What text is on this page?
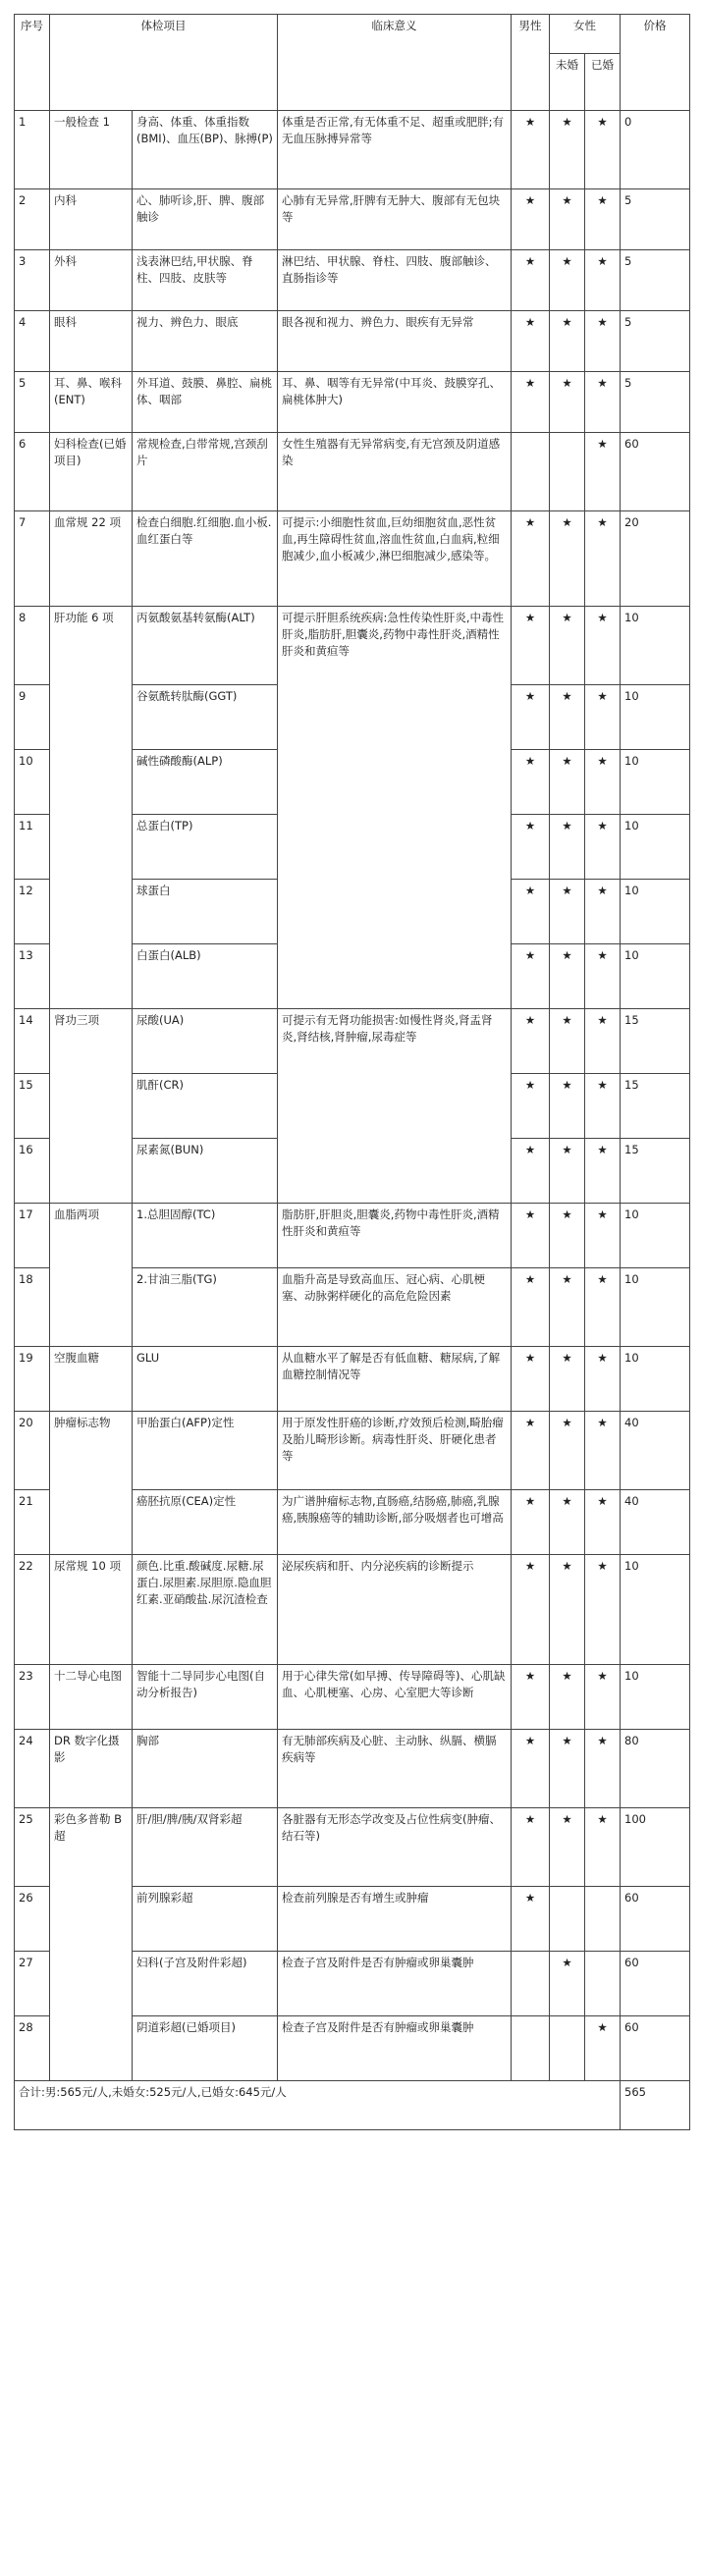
序号	体检项目		临床意义	男性	女性		价格
					未婚	已婚	
1	一般检查 1	身高、体重、体重指数(BMI)、血压(BP)、脉搏(P)	体重是否正常,有无体重不足、超重或肥胖;有无血压脉搏异常等	★	★	★	0
2	内科	心、肺听诊,肝、脾、腹部触诊	心肺有无异常,肝脾有无肿大、腹部有无包块等	★	★	★	5
3	外科	浅表淋巴结,甲状腺、脊柱、四肢、皮肤等	淋巴结、甲状腺、脊柱、四肢、腹部触诊、直肠指诊等	★	★	★	5
4	眼科	视力、辨色力、眼底	眼各视和视力、辨色力、眼疾有无异常	★	★	★	5
5	耳、鼻、喉科(ENT)	外耳道、鼓膜、鼻腔、扁桃体、咽部	耳、鼻、咽等有无异常(中耳炎、鼓膜穿孔、扁桃体肿大)	★	★	★	5
6	妇科检查(已婚项目)	常规检查,白带常规,宫颈刮片	女性生殖器有无异常病变,有无宫颈及阴道感染			★	60
7	血常规 22 项	检查白细胞.红细胞.血小板.血红蛋白等	可提示:小细胞性贫血,巨幼细胞贫血,恶性贫血,再生障碍性贫血,溶血性贫血,白血病,粒细胞减少,血小板减少,淋巴细胞减少,感染等。	★	★	★	20
8	肝功能 6 项	丙氨酸氨基转氨酶(ALT)	可提示肝胆系统疾病:急性传染性肝炎,中毒性肝炎,脂肪肝,胆囊炎,药物中毒性肝炎,酒精性肝炎和黄疸等	★	★	★	10
9		谷氨酰转肽酶(GGT)		★	★	★	10
10		碱性磷酸酶(ALP)		★	★	★	10
11		总蛋白(TP)		★	★	★	10
12		球蛋白		★	★	★	10
13		白蛋白(ALB)		★	★	★	10
14	肾功三项	尿酸(UA)	可提示有无肾功能损害:如慢性肾炎,肾盂肾炎,肾结核,肾肿瘤,尿毒症等	★	★	★	15
15		肌酐(CR)		★	★	★	15
16		尿素氮(BUN)		★	★	★	15
17	血脂两项	1.总胆固醇(TC)	脂肪肝,肝胆炎,胆囊炎,药物中毒性肝炎,酒精性肝炎和黄疸等	★	★	★	10
18		2.甘油三脂(TG)	血脂升高是导致高血压、冠心病、心肌梗塞、动脉粥样硬化的高危危险因素	★	★	★	10
19	空腹血糖	GLU	从血糖水平了解是否有低血糖、糖尿病,了解血糖控制情况等	★	★	★	10
20	肿瘤标志物	甲胎蛋白(AFP)定性	用于原发性肝癌的诊断,疗效预后检测,畸胎瘤及胎儿畸形诊断。病毒性肝炎、肝硬化患者等	★	★	★	40
21		癌胚抗原(CEA)定性	为广谱肿瘤标志物,直肠癌,结肠癌,肺癌,乳腺癌,胰腺癌等的辅助诊断,部分吸烟者也可增高	★	★	★	40
22	尿常规 10 项	颜色.比重.酸碱度.尿糖.尿蛋白.尿胆素.尿胆原.隐血胆红素.亚硝酸盐.尿沉渣检查	泌尿疾病和肝、内分泌疾病的诊断提示	★	★	★	10
23	十二导心电图	智能十二导同步心电图(自动分析报告)	用于心律失常(如早搏、传导障碍等)、心肌缺血、心肌梗塞、心房、心室肥大等诊断	★	★	★	10
24	DR 数字化摄影	胸部	有无肺部疾病及心脏、主动脉、纵膈、横膈疾病等	★	★	★	80
25	彩色多普勒 B 超	肝/胆/脾/胰/双肾彩超	各脏器有无形态学改变及占位性病变(肿瘤、结石等)	★	★	★	100
26		前列腺彩超	检查前列腺是否有增生或肿瘤	★			60
27		妇科(子宫及附件彩超)	检查子宫及附件是否有肿瘤或卵巢囊肿		★		60
28		阴道彩超(已婚项目)	检查子宫及附件是否有肿瘤或卵巢囊肿			★	60
合计:男:565元/人,未婚女:525元/人,已婚女:645元/人							565
